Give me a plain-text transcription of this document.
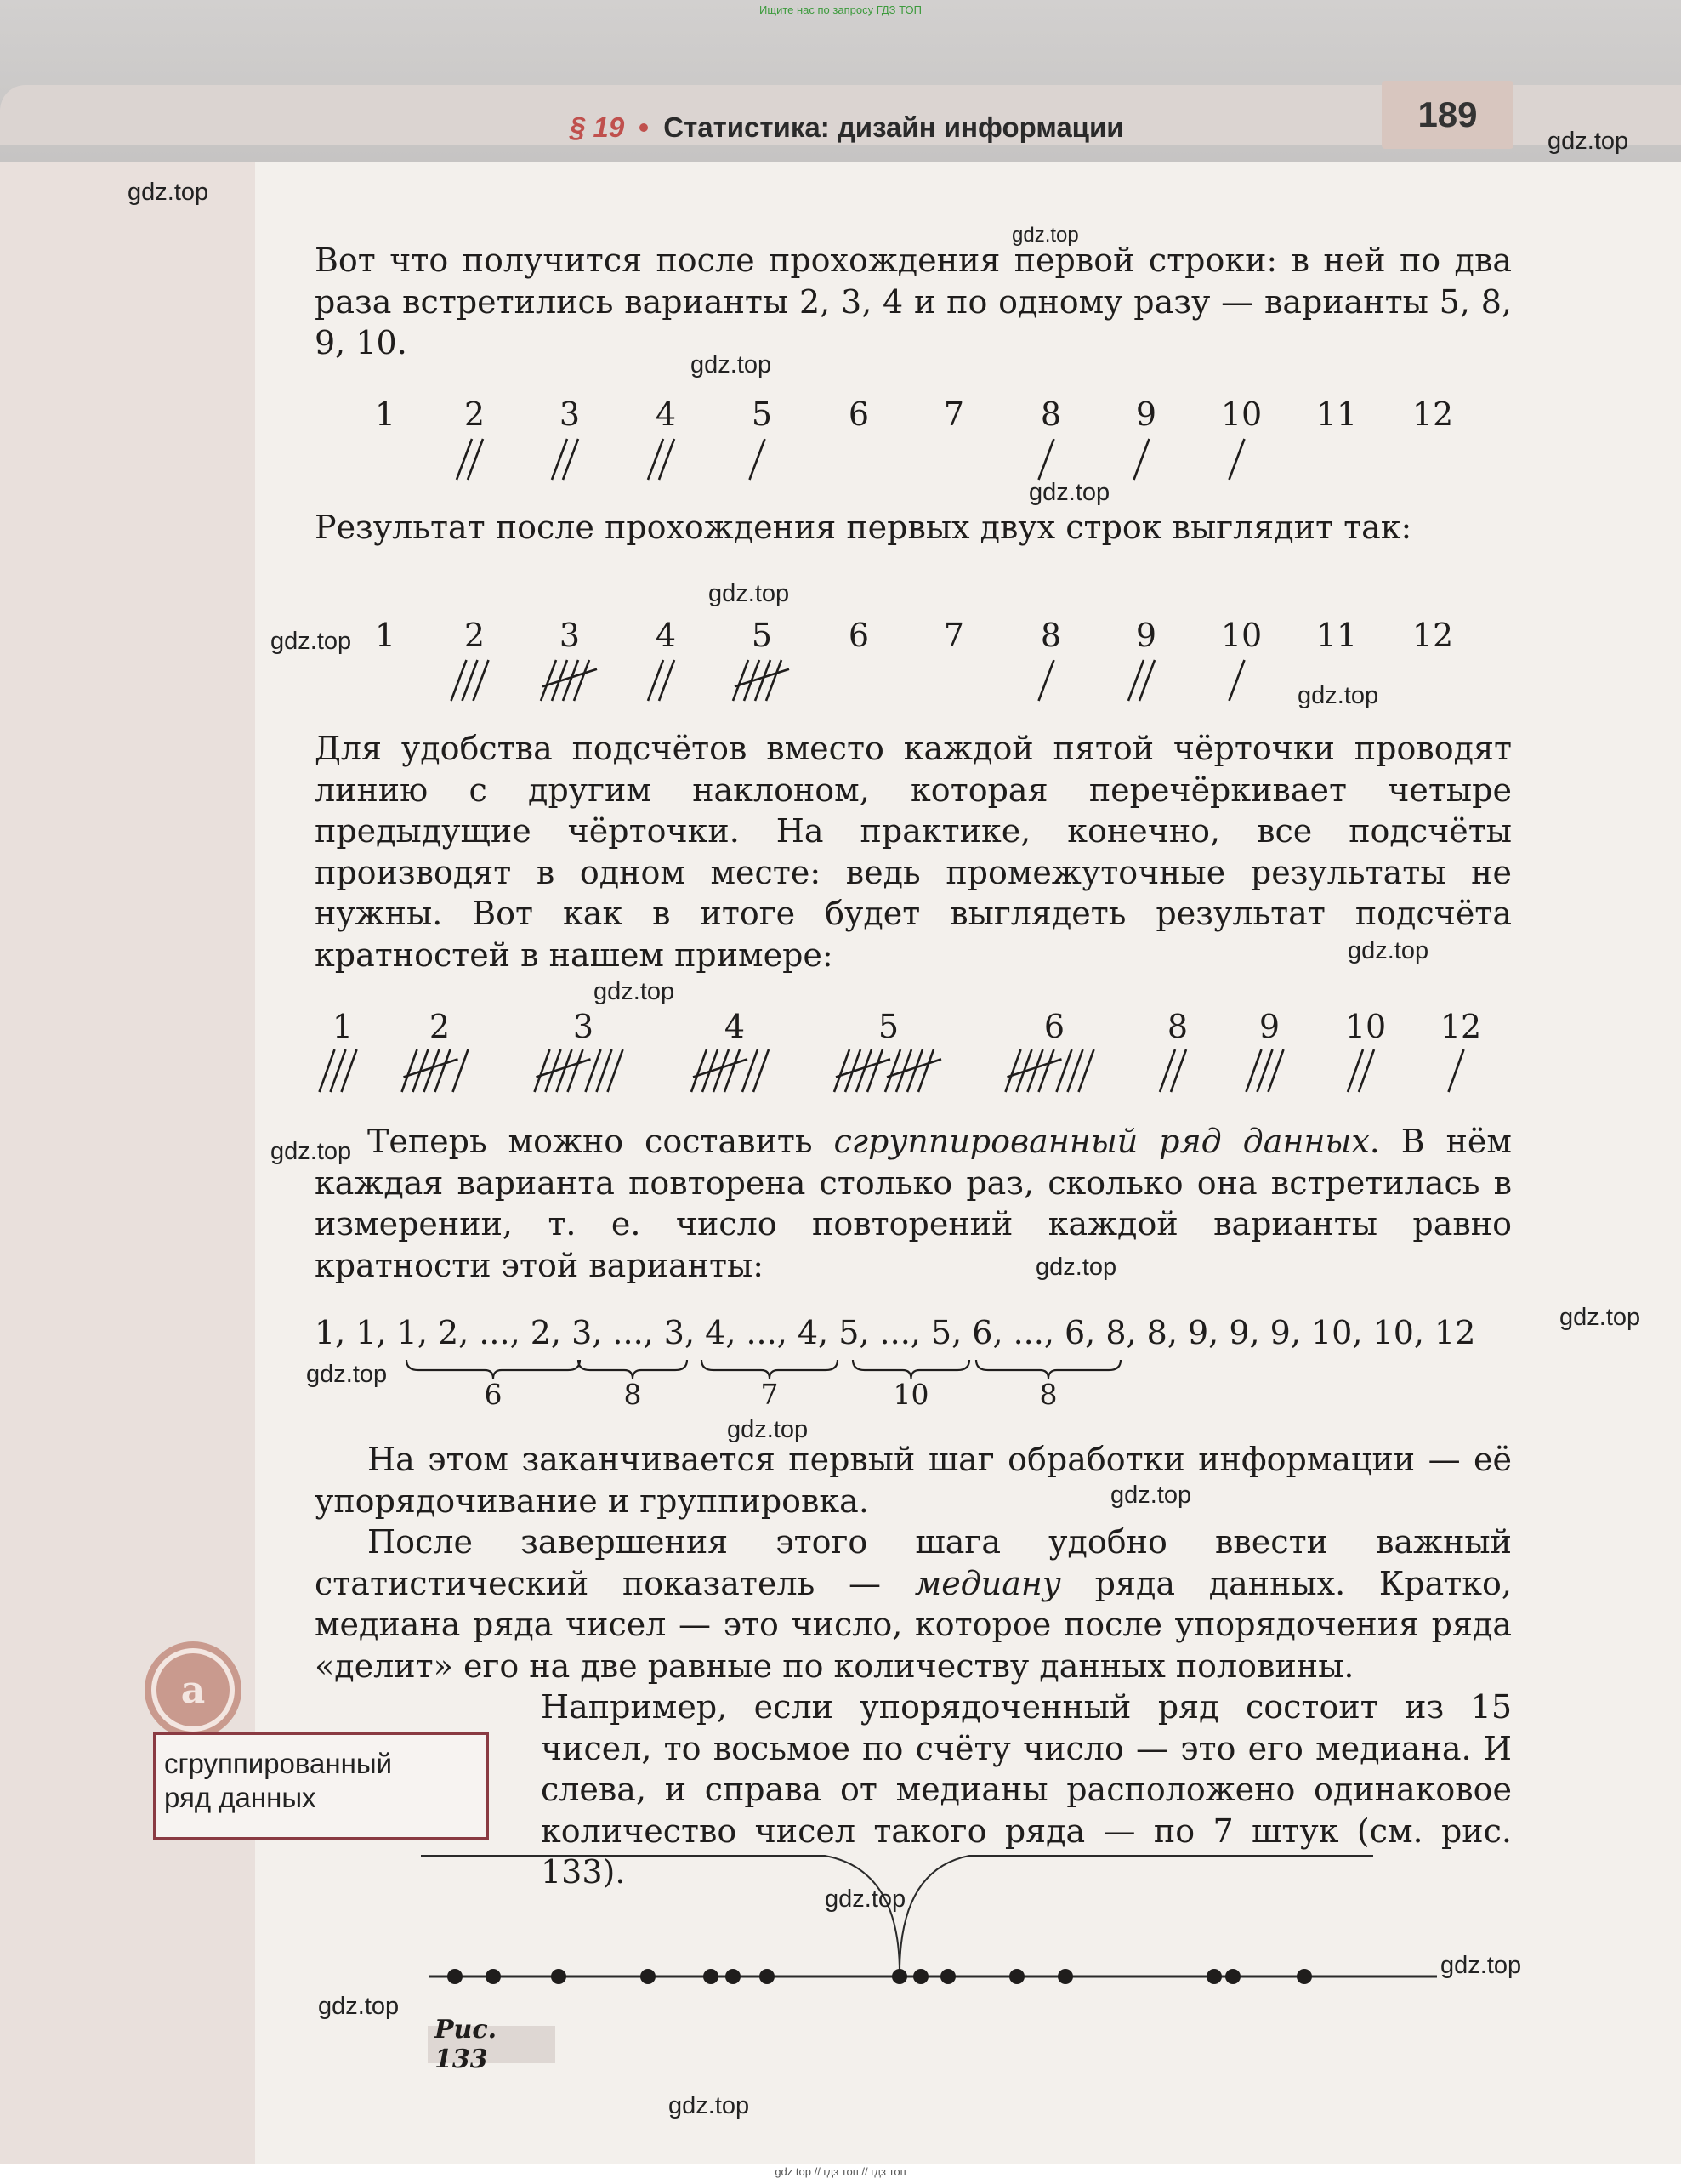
§ 19 Статистика: дизайн информации	189
Ищите нас по запросу ГДЗ ТОП

Вот что получится после прохождения первой строки: в ней по два раза встретились варианты 2, 3, 4 и по одному разу — варианты 5, 8, 9, 10.

1 2 3 4 5 6 7 8 9 10 11 12

Результат после прохождения первых двух строк выглядит так:

1 2 3 4 5 6 7 8 9 10 11 12

Для удобства подсчётов вместо каждой пятой чёрточки проводят линию с другим наклоном, которая перечёркивает четыре предыдущие чёрточки. На практике, конечно, все подсчёты производят в одном месте: ведь промежуточные результаты не нужны. Вот как в итоге будет выглядеть результат подсчёта кратностей в нашем примере:

1 2	3	4	5	6	8 9 10 12

Теперь можно составить сгруппированный ряд данных. В нём каждая варианта повторена столько раз, сколько она встретилась в измерении, т. е. число повторений каждой варианты равно кратности этой варианты:

1, 1, 1, 2, ..., 2, 3, ..., 3, 4, ..., 4, 5, ..., 5, 6, ..., 6, 8, 8, 9, 9, 9, 10, 10, 12
6	8	7	10	8

На этом заканчивается первый шаг обработки информации — её упорядочивание и группировка.

После завершения этого шага удобно ввести важный статистический показатель — медиану ряда данных. Кратко, медиана ряда чисел — это число, которое после упорядочения ряда «делит» его на две равные по количеству данных половины.

Например, если упорядоченный ряд состоит из 15 чисел, то восьмое по счёту число — это его медиана. И слева, и справа от медианы расположено одинаковое количество чисел такого ряда — по 7 штук (см. рис. 133).

a
сгруппированный
ряд данных
Рис. 133
gdz.top
gdz.top
gdz.top
gdz.top
gdz.top
gdz.top
gdz.top
gdz.top
gdz.top
gdz.top
gdz.top
gdz.top
gdz.top
gdz.top
gdz.top
gdz.top
gdz.top
gdz.top
gdz.top
gdz.top
gdz top // гдз топ // гдз топ
